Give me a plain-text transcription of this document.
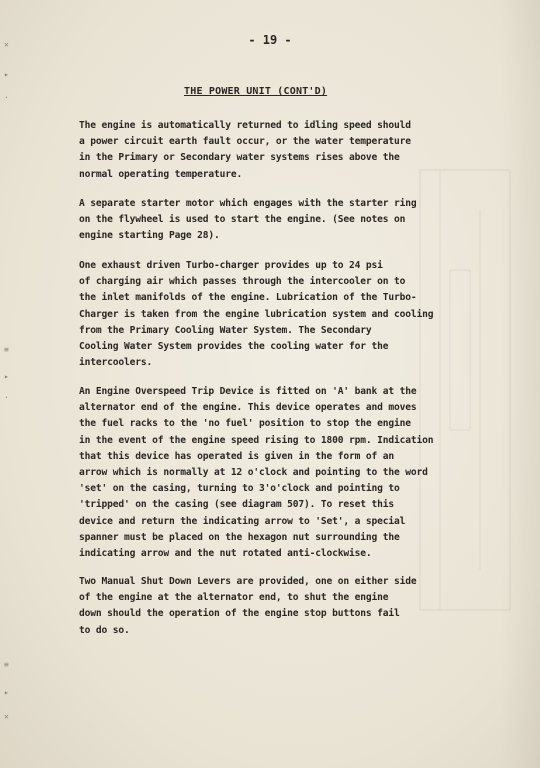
✕
▸
·
≡
▸
·
≡
▸
✕
- 19 -
THE POWER UNIT (CONT'D)
The engine is automatically returned to idling speed should
a power circuit earth fault occur, or the water temperature
in the Primary or Secondary water systems rises above the
normal operating temperature.
A separate starter motor which engages with the starter ring
on the flywheel is used to start the engine. (See notes on
engine starting Page 28).
One exhaust driven Turbo-charger provides up to 24 psi
of charging air which passes through the intercooler on to
the inlet manifolds of the engine. Lubrication of the Turbo-
Charger is taken from the engine lubrication system and cooling
from the Primary Cooling Water System. The Secondary
Cooling Water System provides the cooling water for the
intercoolers.
An Engine Overspeed Trip Device is fitted on 'A' bank at the
alternator end of the engine. This device operates and moves
the fuel racks to the 'no fuel' position to stop the engine
in the event of the engine speed rising to 1800 rpm. Indication
that this device has operated is given in the form of an
arrow which is normally at 12 o'clock and pointing to the word
'set' on the casing, turning to 3'o'clock and pointing to
'tripped' on the casing (see diagram 507). To reset this
device and return the indicating arrow to 'Set', a special
spanner must be placed on the hexagon nut surrounding the
indicating arrow and the nut rotated anti-clockwise.
Two Manual Shut Down Levers are provided, one on either side
of the engine at the alternator end, to shut the engine
down should the operation of the engine stop buttons fail
to do so.
